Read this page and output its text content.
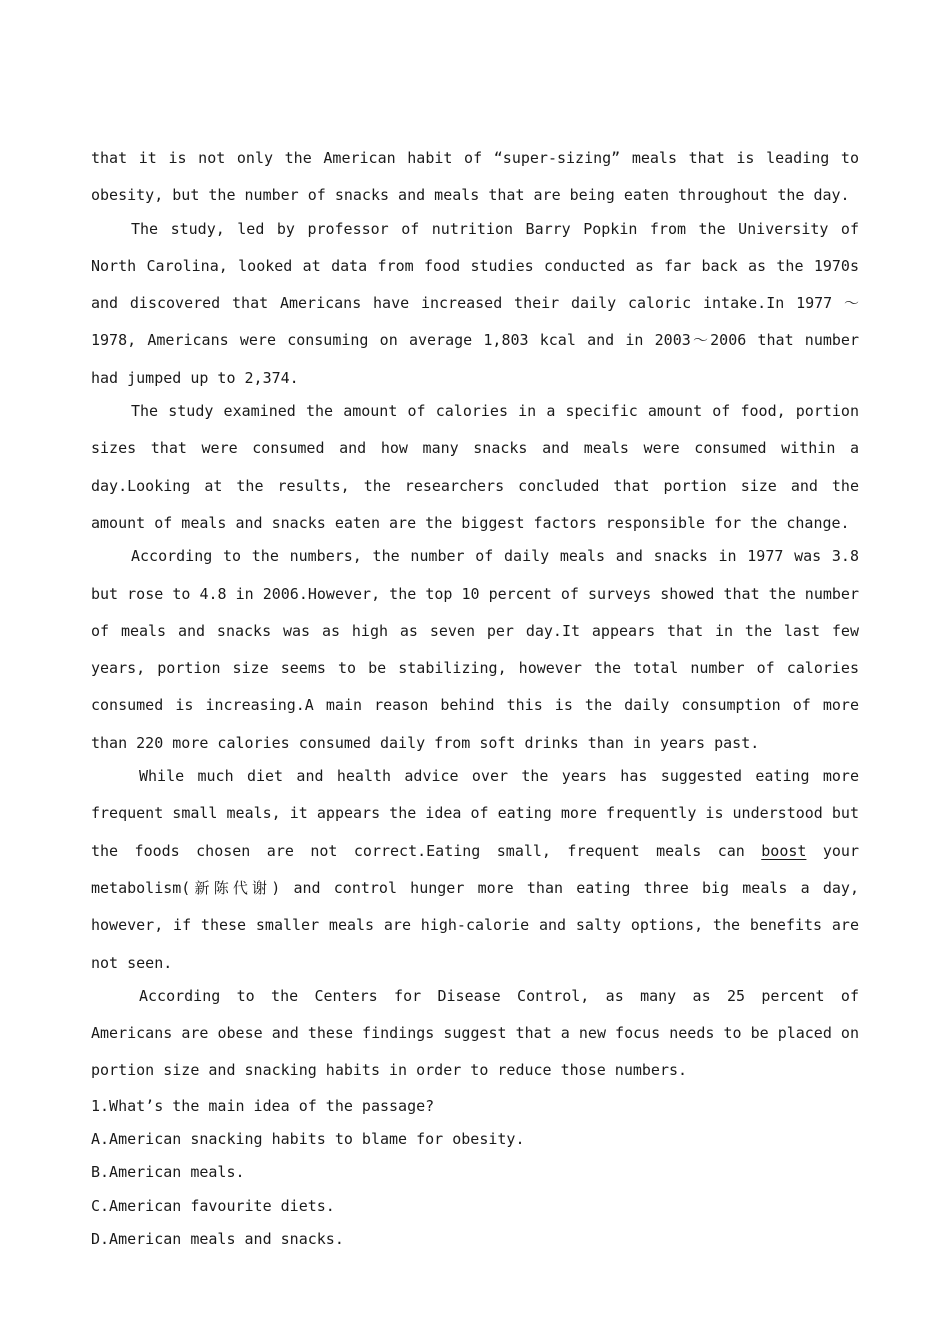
that it is not only the American habit of “super-sizing” meals that is leading to obesity, but the number of snacks and meals that are being eaten throughout the day.

The study, led by professor of nutrition Barry Popkin from the University of North Carolina, looked at data from food studies conducted as far back as the 1970s and discovered that Americans have increased their daily caloric intake.In 1977 ～ 1978, Americans were consuming on average 1,803 kcal and in 2003～2006 that number had jumped up to 2,374.

The study examined the amount of calories in a specific amount of food, portion sizes that were consumed and how many snacks and meals were consumed within a day.Looking at the results, the researchers concluded that portion size and the amount of meals and snacks eaten are the biggest factors responsible for the change.

According to the numbers, the number of daily meals and snacks in 1977 was 3.8 but rose to 4.8 in 2006.However, the top 10 percent of surveys showed that the number of meals and snacks was as high as seven per day.It appears that in the last few years, portion size seems to be stabilizing, however the total number of calories consumed is increasing.A main reason behind this is the daily consumption of more than 220 more calories consumed daily from soft drinks than in years past.

While much diet and health advice over the years has suggested eating more frequent small meals, it appears the idea of eating more frequently is understood but the foods chosen are not correct.Eating small, frequent meals can boost your metabolism(新陈代谢) and control hunger more than eating three big meals a day, however, if these smaller meals are high-calorie and salty options, the benefits are not seen.

According to the Centers for Disease Control, as many as 25 percent of Americans are obese and these findings suggest that a new focus needs to be placed on portion size and snacking habits in order to reduce those numbers.

1.What’s the main idea of the passage?

A.American snacking habits to blame for obesity.

B.American meals.

C.American favourite diets.

D.American meals and snacks.
